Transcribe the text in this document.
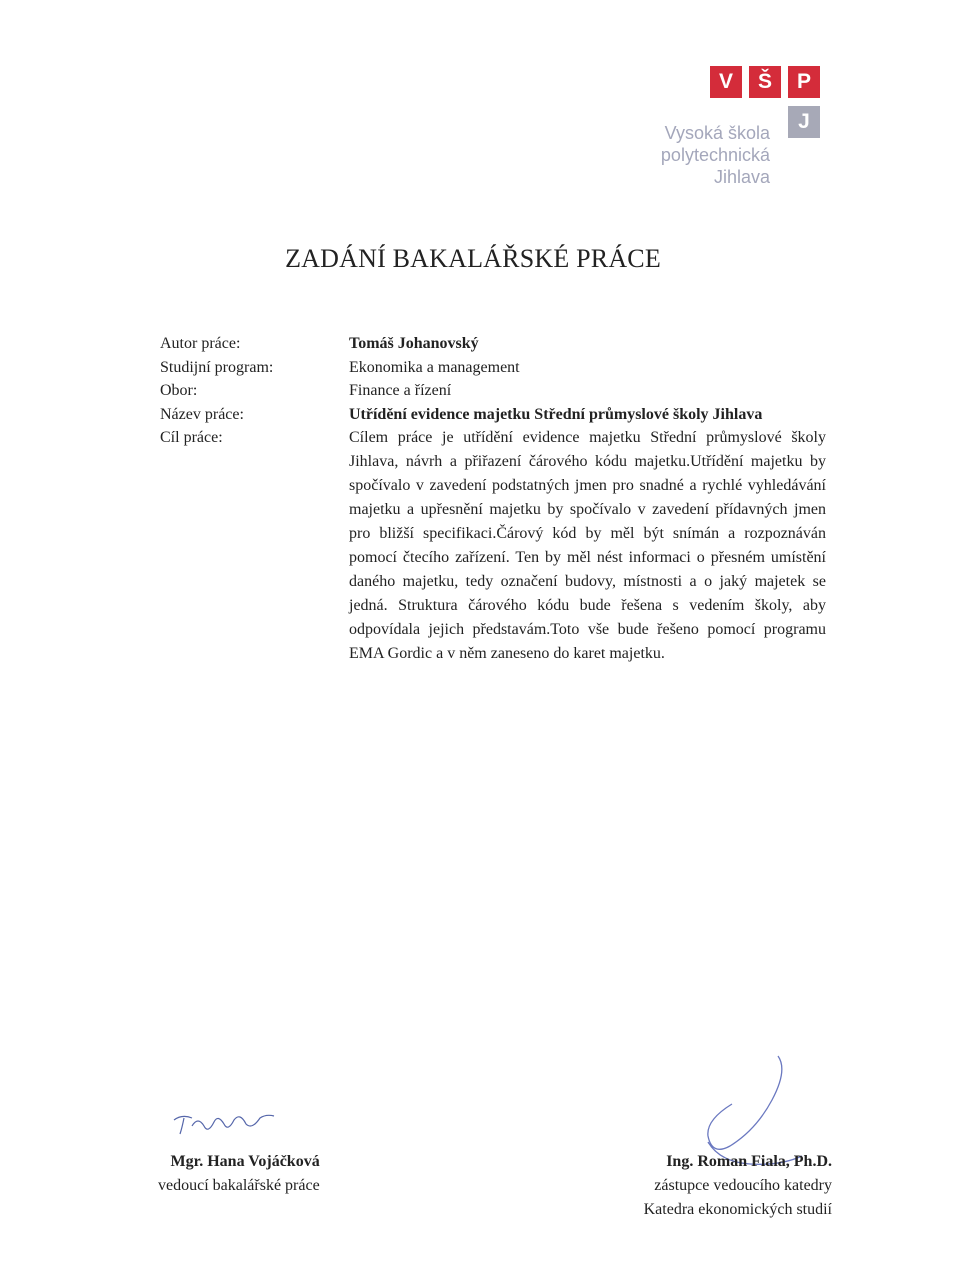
V	Š	P
J
Vysoká škola
polytechnická
Jihlava
ZADÁNÍ BAKALÁŘSKÉ PRÁCE
Autor práce:
Studijní program:
Obor:
Název práce:
Cíl práce:
Tomáš Johanovský
Ekonomika a management
Finance a řízení
Utřídění evidence majetku Střední průmyslové školy Jihlava
Cílem práce je utřídění evidence majetku Střední průmyslové školy Jihlava, návrh a přiřazení čárového kódu majetku.Utřídění majetku by spočívalo v zavedení podstatných jmen pro snadné a rychlé vyhledávání majetku a upřesnění majetku by spočívalo v zavedení přídavných jmen pro bližší specifikaci.Čárový kód by měl být snímán a rozpoznáván pomocí čtecího zařízení. Ten by měl nést informaci o přesném umístění daného majetku, tedy označení budovy, místnosti a o jaký majetek se jedná. Struktura čárového kódu bude řešena s vedením školy, aby odpovídala jejich představám.Toto vše bude řešeno pomocí programu EMA Gordic a v něm zaneseno do karet majetku.
Mgr. Hana Vojáčková
vedoucí bakalářské práce
Ing. Roman Fiala, Ph.D.
zástupce vedoucího katedry
Katedra ekonomických studií
